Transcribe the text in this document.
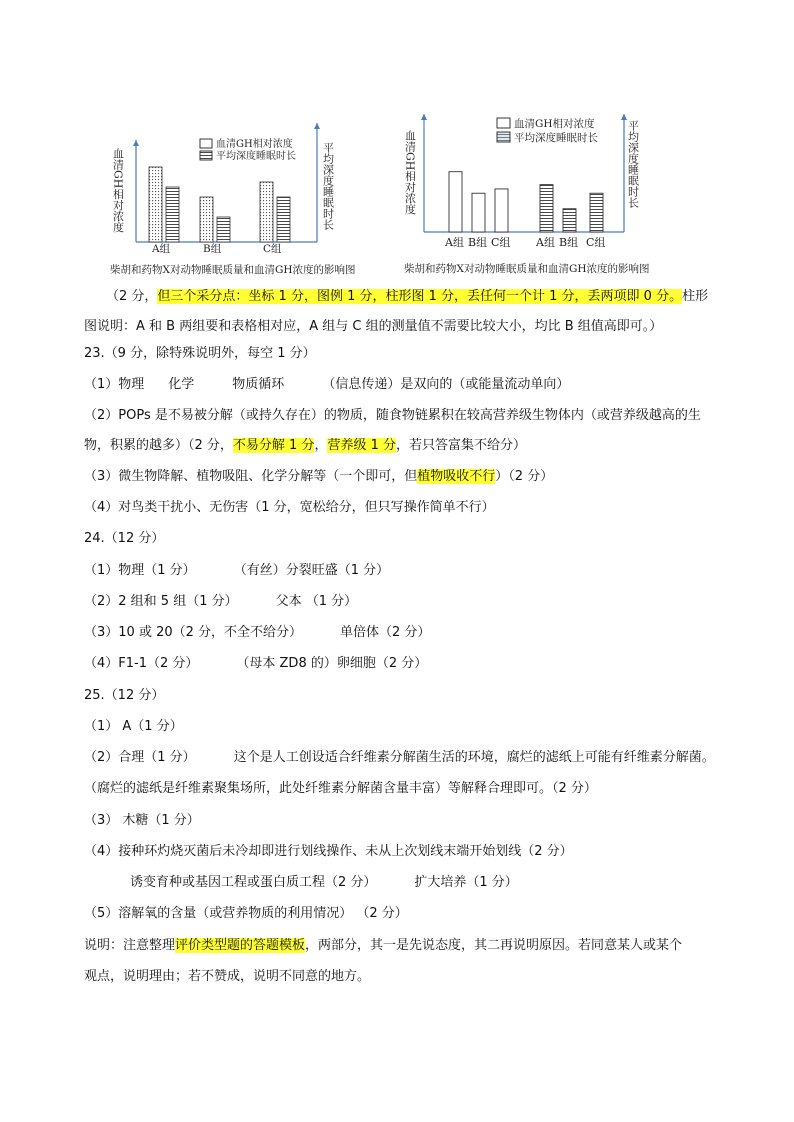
A组	B组	C组
血清GH相对浓度
平均深度睡眠时长
血清GH相对浓度	平均深度睡眠时长
柴胡和药物X对动物睡眠质量和血清GH浓度的影响图
A组 B组 C组 A组 B组 C组
血清GH相对浓度
平均深度睡眠时长
血清GH相对浓度	平均深度睡眠时长
柴胡和药物X对动物睡眠质量和血清GH浓度的影响图
（2 分，但三个采分点：坐标 1 分，图例 1 分，柱形图 1 分，丢任何一个计 1 分，丢两项即 0 分。柱形
图说明：A 和 B 两组要和表格相对应，A 组与 C 组的测量值不需要比较大小，均比 B 组值高即可。）
23.（9 分，除特殊说明外，每空 1 分）
（1）物理 化学	物质循环	（信息传递）是双向的（或能量流动单向）
（2）POPs 是不易被分解（或持久存在）的物质，随食物链累积在较高营养级生物体内（或营养级越高的生
物，积累的越多）（2 分，不易分解 1 分，营养级 1 分，若只答富集不给分）
（3）微生物降解、植物吸阻、化学分解等（一个即可，但植物吸收不行）（2 分）
（4）对鸟类干扰小、无伤害（1 分，宽松给分，但只写操作简单不行）
24.（12 分）
（1）物理（1 分）	（有丝）分裂旺盛（1 分）
（2）2 组和 5 组（1 分）	父本 （1 分）
（3）10 或 20（2 分，不全不给分）	单倍体（2 分）
（4）F1-1（2 分）	（母本 ZD8 的）卵细胞（2 分）
25.（12 分）
（1） A（1 分）
（2）合理（1 分）	这个是人工创设适合纤维素分解菌生活的环境，腐烂的滤纸上可能有纤维素分解菌。
（腐烂的滤纸是纤维素聚集场所，此处纤维素分解菌含量丰富）等解释合理即可。（2 分）
（3） 木糖（1 分）
（4）接种环灼烧灭菌后未冷却即进行划线操作、未从上次划线末端开始划线（2 分）
　　诱变育种或基因工程或蛋白质工程（2 分）	扩大培养（1 分）
（5）溶解氧的含量（或营养物质的利用情况） （2 分）
说明：注意整理评价类型题的答题模板，两部分，其一是先说态度，其二再说明原因。若同意某人或某个
观点，说明理由；若不赞成，说明不同意的地方。
